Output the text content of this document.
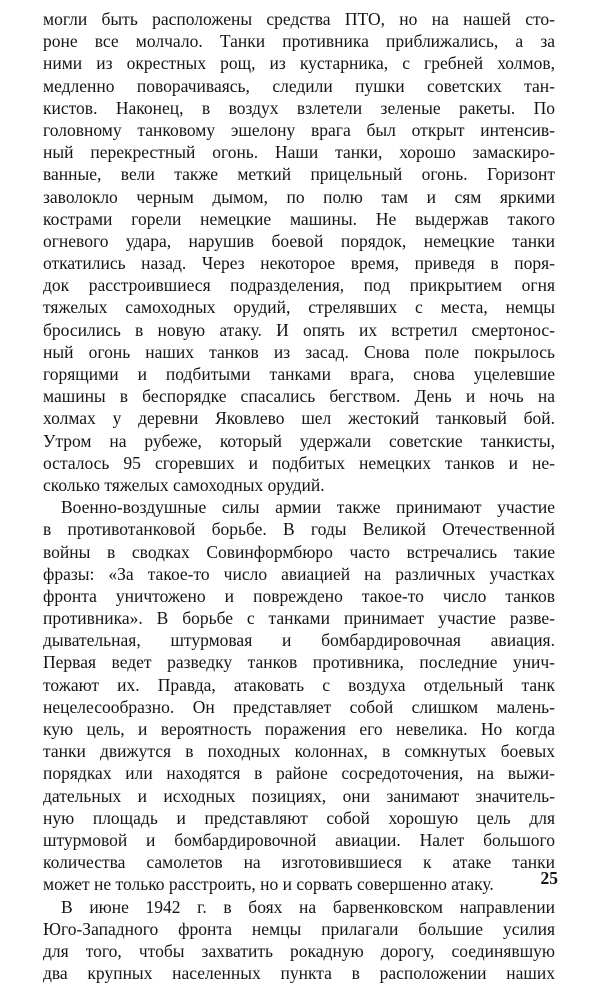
могли быть расположены средства ПТО, но на нашей сто-
роне все молчало. Танки противника приближались, а за
ними из окрестных рощ, из кустарника, с гребней холмов,
медленно поворачиваясь, следили пушки советских тан-
кистов. Наконец, в воздух взлетели зеленые ракеты. По
головному танковому эшелону врага был открыт интенсив-
ный перекрестный огонь. Наши танки, хорошо замаскиро-
ванные, вели также меткий прицельный огонь. Горизонт
заволокло черным дымом, по полю там и сям яркими
кострами горели немецкие машины. Не выдержав такого
огневого удара, нарушив боевой порядок, немецкие танки
откатились назад. Через некоторое время, приведя в поря-
док расстроившиеся подразделения, под прикрытием огня
тяжелых самоходных орудий, стрелявших с места, немцы
бросились в новую атаку. И опять их встретил смертонос-
ный огонь наших танков из засад. Снова поле покрылось
горящими и подбитыми танками врага, снова уцелевшие
машины в беспорядке спасались бегством. День и ночь на
холмах у деревни Яковлево шел жестокий танковый бой.
Утром на рубеже, который удержали советские танкисты,
осталось 95 сгоревших и подбитых немецких танков и не-
сколько тяжелых самоходных орудий.
Военно-воздушные силы армии также принимают участие
в противотанковой борьбе. В годы Великой Отечественной
войны в сводках Совинформбюро часто встречались такие
фразы: «За такое-то число авиацией на различных участках
фронта уничтожено и повреждено такое-то число танков
противника». В борьбе с танками принимает участие разве-
дывательная, штурмовая и бомбардировочная авиация.
Первая ведет разведку танков противника, последние унич-
тожают их. Правда, атаковать с воздуха отдельный танк
нецелесообразно. Он представляет собой слишком малень-
кую цель, и вероятность поражения его невелика. Но когда
танки движутся в походных колоннах, в сомкнутых боевых
порядках или находятся в районе сосредоточения, на выжи-
дательных и исходных позициях, они занимают значитель-
ную площадь и представляют собой хорошую цель для
штурмовой и бомбардировочной авиации. Налет большого
количества самолетов на изготовившиеся к атаке танки
может не только расстроить, но и сорвать совершенно атаку.
В июне 1942 г. в боях на барвенковском направлении
Юго-Западного фронта немцы прилагали большие усилия
для того, чтобы захватить рокадную дорогу, соединявшую
два крупных населенных пункта в расположении наших
25
